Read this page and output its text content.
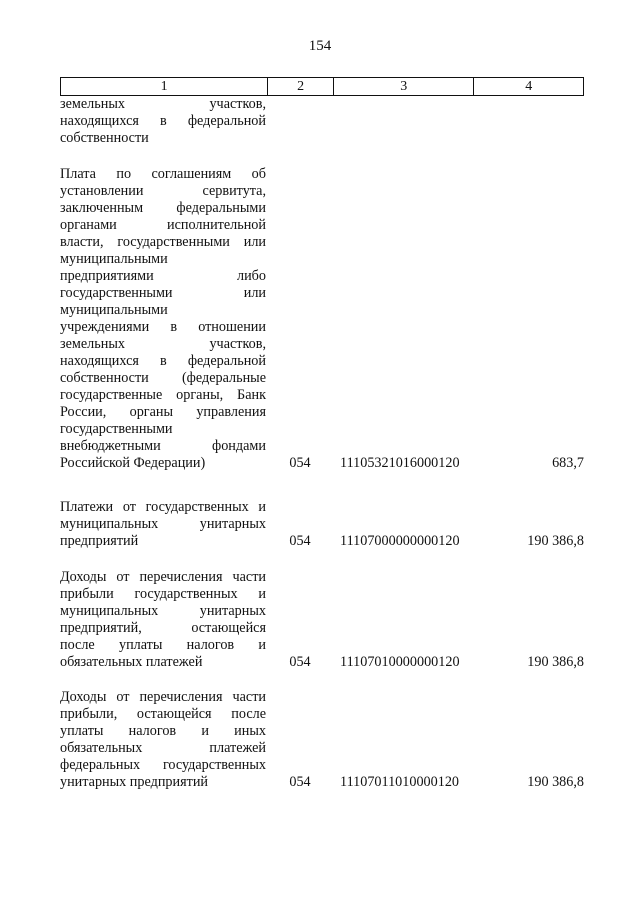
154
1	2	3	4
земельных участков,
находящихся в федеральной
собственности
Плата по соглашениям об
установлении сервитута,
заключенным федеральными
органами исполнительной
власти, государственными или
муниципальными
предприятиями либо
государственными или
муниципальными
учреждениями в отношении
земельных участков,
находящихся в федеральной
собственности (федеральные
государственные органы, Банк
России, органы управления
государственными
внебюджетными фондами
Российской Федерации)	054	11105321016000120	683,7
Платежи от государственных и
муниципальных унитарных
предприятий	054	11107000000000120	190 386,8
Доходы от перечисления части
прибыли государственных и
муниципальных унитарных
предприятий, остающейся
после уплаты налогов и
обязательных платежей	054	11107010000000120	190 386,8
Доходы от перечисления части
прибыли, остающейся после
уплаты налогов и иных
обязательных платежей
федеральных государственных
унитарных предприятий	054	11107011010000120	190 386,8
